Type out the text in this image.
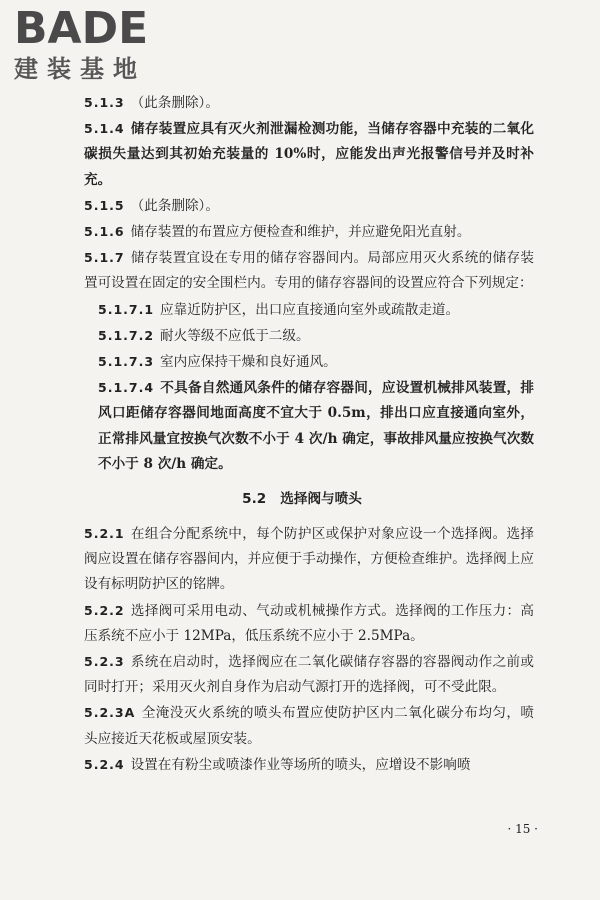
BADE
建装基地

5.1.3 （此条删除）。

5.1.4 储存装置应具有灭火剂泄漏检测功能，当储存容器中充装的二氧化碳损失量达到其初始充装量的 10%时，应能发出声光报警信号并及时补充。

5.1.5 （此条删除）。

5.1.6 储存装置的布置应方便检查和维护，并应避免阳光直射。

5.1.7 储存装置宜设在专用的储存容器间内。局部应用灭火系统的储存装置可设置在固定的安全围栏内。专用的储存容器间的设置应符合下列规定：

5.1.7.1 应靠近防护区，出口应直接通向室外或疏散走道。

5.1.7.2 耐火等级不应低于二级。

5.1.7.3 室内应保持干燥和良好通风。

5.1.7.4 不具备自然通风条件的储存容器间，应设置机械排风装置，排风口距储存容器间地面高度不宜大于 0.5m，排出口应直接通向室外，正常排风量宜按换气次数不小于 4 次/h 确定，事故排风量应按换气次数不小于 8 次/h 确定。

5.2 选择阀与喷头

5.2.1 在组合分配系统中，每个防护区或保护对象应设一个选择阀。选择阀应设置在储存容器间内，并应便于手动操作，方便检查维护。选择阀上应设有标明防护区的铭牌。

5.2.2 选择阀可采用电动、气动或机械操作方式。选择阀的工作压力：高压系统不应小于 12MPa，低压系统不应小于 2.5MPa。

5.2.3 系统在启动时，选择阀应在二氧化碳储存容器的容器阀动作之前或同时打开；采用灭火剂自身作为启动气源打开的选择阀，可不受此限。

5.2.3A 全淹没灭火系统的喷头布置应使防护区内二氧化碳分布均匀，喷头应接近天花板或屋顶安装。

5.2.4 设置在有粉尘或喷漆作业等场所的喷头，应增设不影响喷

· 15 ·
